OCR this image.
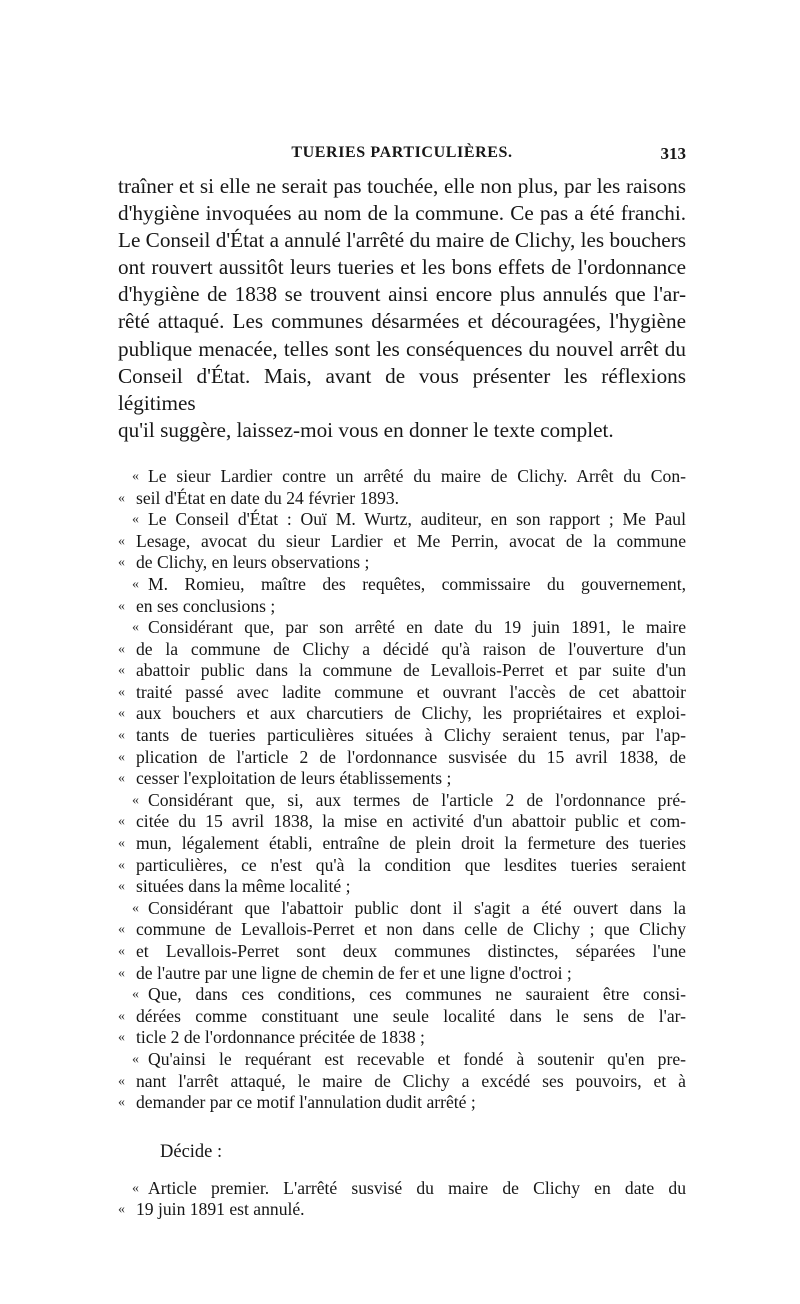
TUERIES PARTICULIÈRES.	313

traîner et si elle ne serait pas touchée, elle non plus, par les raisons

d'hygiène invoquées au nom de la commune. Ce pas a été franchi.

Le Conseil d'État a annulé l'arrêté du maire de Clichy, les bouchers

ont rouvert aussitôt leurs tueries et les bons effets de l'ordonnance

d'hygiène de 1838 se trouvent ainsi encore plus annulés que l'ar-

rêté attaqué. Les communes désarmées et découragées, l'hygiène

publique menacée, telles sont les conséquences du nouvel arrêt du

Conseil d'État. Mais, avant de vous présenter les réflexions légitimes

qu'il suggère, laissez-moi vous en donner le texte complet.

« Le sieur Lardier contre un arrêté du maire de Clichy. Arrêt du Con-
« seil d'État en date du 24 février 1893.
« Le Conseil d'État : Ouï M. Wurtz, auditeur, en son rapport ; Me Paul
« Lesage, avocat du sieur Lardier et Me Perrin, avocat de la commune
« de Clichy, en leurs observations ;
« M. Romieu, maître des requêtes, commissaire du gouvernement,
« en ses conclusions ;
« Considérant que, par son arrêté en date du 19 juin 1891, le maire
« de la commune de Clichy a décidé qu'à raison de l'ouverture d'un
« abattoir public dans la commune de Levallois-Perret et par suite d'un
« traité passé avec ladite commune et ouvrant l'accès de cet abattoir
« aux bouchers et aux charcutiers de Clichy, les propriétaires et exploi-
« tants de tueries particulières situées à Clichy seraient tenus, par l'ap-
« plication de l'article 2 de l'ordonnance susvisée du 15 avril 1838, de
« cesser l'exploitation de leurs établissements ;
« Considérant que, si, aux termes de l'article 2 de l'ordonnance pré-
« citée du 15 avril 1838, la mise en activité d'un abattoir public et com-
« mun, légalement établi, entraîne de plein droit la fermeture des tueries
« particulières, ce n'est qu'à la condition que lesdites tueries seraient
« situées dans la même localité ;
« Considérant que l'abattoir public dont il s'agit a été ouvert dans la
« commune de Levallois-Perret et non dans celle de Clichy ; que Clichy
« et Levallois-Perret sont deux communes distinctes, séparées l'une
« de l'autre par une ligne de chemin de fer et une ligne d'octroi ;
« Que, dans ces conditions, ces communes ne sauraient être consi-
« dérées comme constituant une seule localité dans le sens de l'ar-
« ticle 2 de l'ordonnance précitée de 1838 ;
« Qu'ainsi le requérant est recevable et fondé à soutenir qu'en pre-
« nant l'arrêt attaqué, le maire de Clichy a excédé ses pouvoirs, et à
« demander par ce motif l'annulation dudit arrêté ;
Décide :
« Article premier. L'arrêté susvisé du maire de Clichy en date du
« 19 juin 1891 est annulé.
